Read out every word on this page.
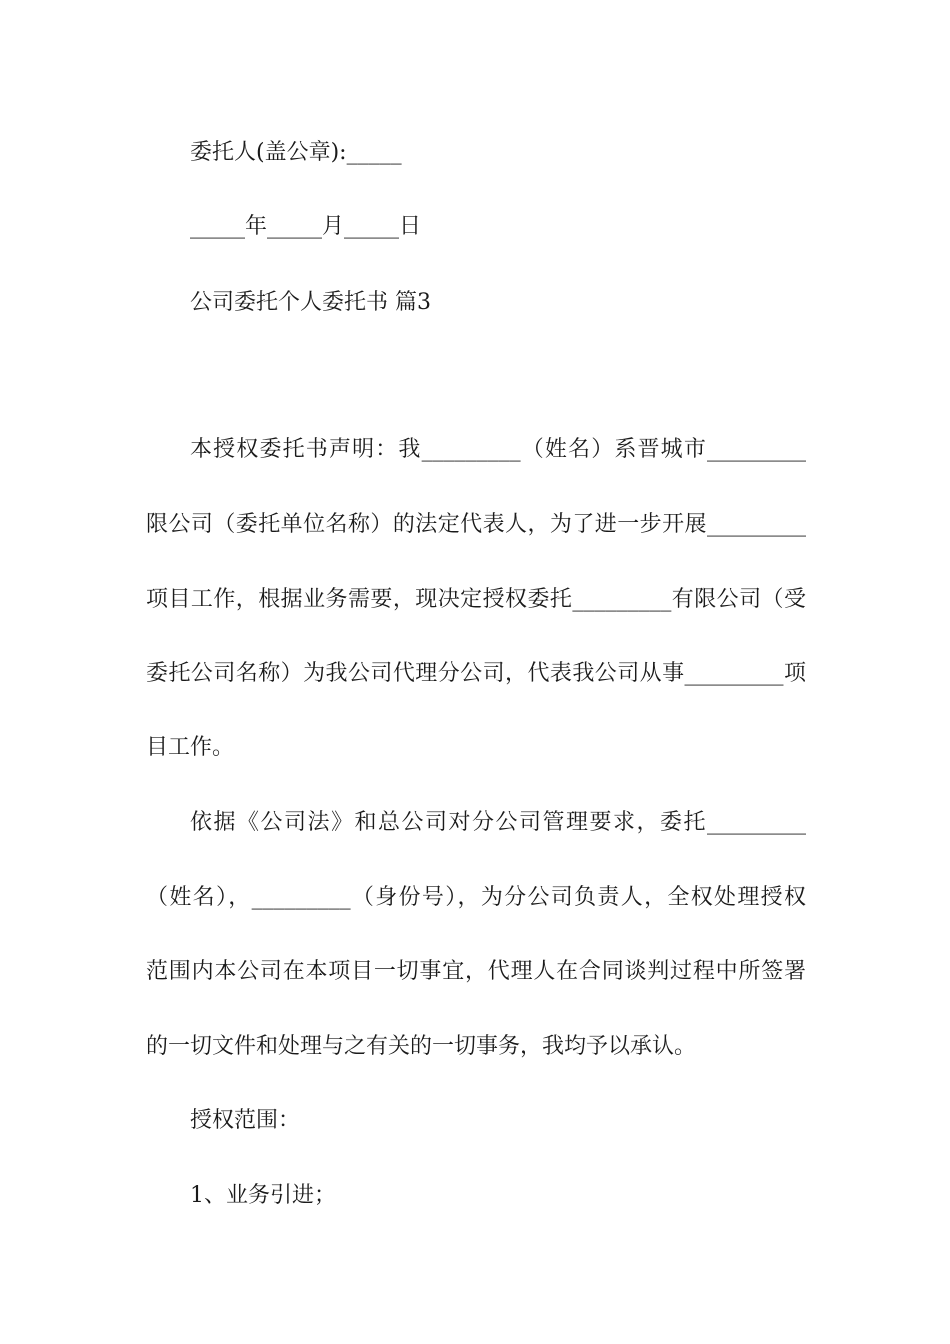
委托人(盖公章):_____
_____年_____月_____日
公司委托个人委托书 篇3
本授权委托书声明：我_________（姓名）系晋城市_________
限公司（委托单位名称）的法定代表人，为了进一步开展_________
项目工作，根据业务需要，现决定授权委托_________有限公司（受
委托公司名称）为我公司代理分公司，代表我公司从事_________项
目工作。
依据《公司法》和总公司对分公司管理要求，委托_________
（姓名），_________（身份号），为分公司负责人，全权处理授权
范围内本公司在本项目一切事宜，代理人在合同谈判过程中所签署
的一切文件和处理与之有关的一切事务，我均予以承认。
授权范围：
1、业务引进；
